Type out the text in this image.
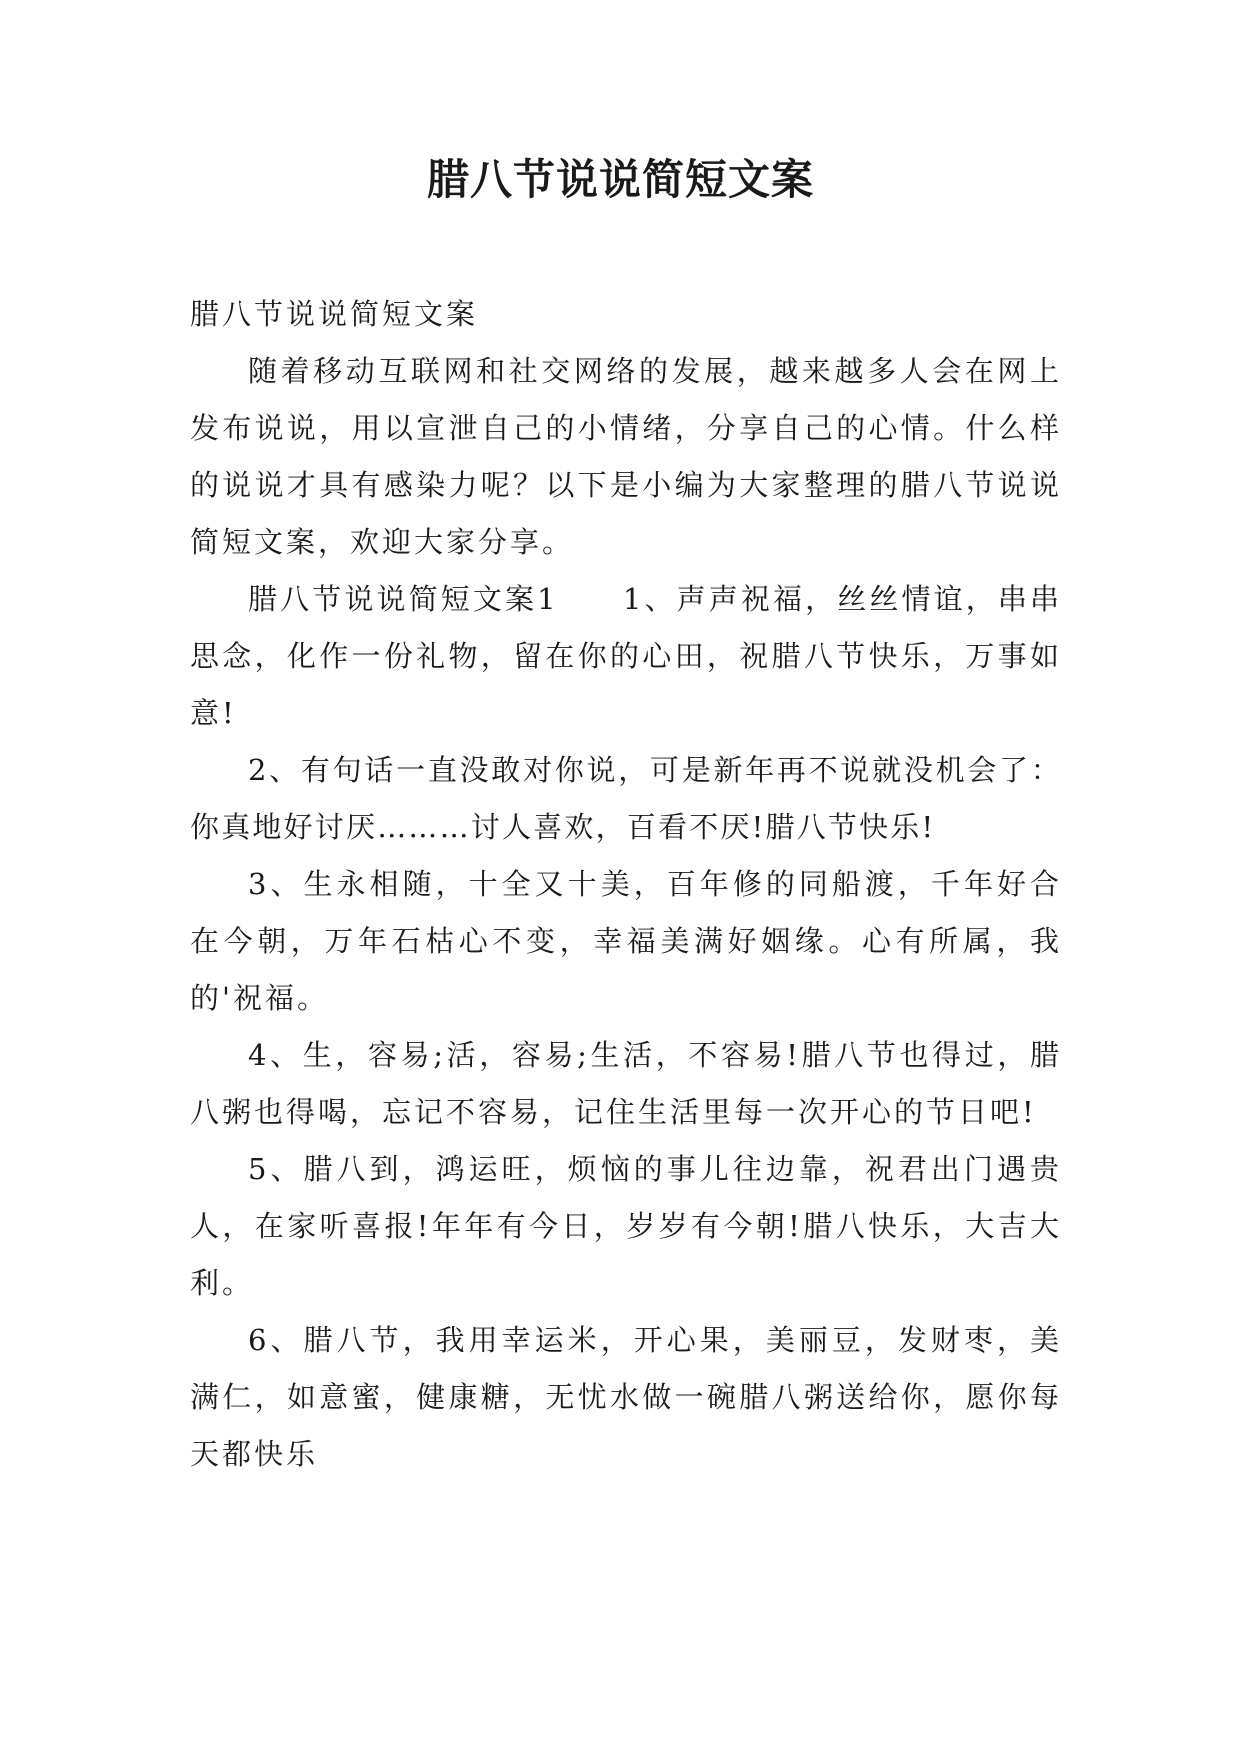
腊八节说说简短文案

腊八节说说简短文案

随着移动互联网和社交网络的发展，越来越多人会在网上发布说说，用以宣泄自己的小情绪，分享自己的心情。什么样的说说才具有感染力呢？以下是小编为大家整理的腊八节说说简短文案，欢迎大家分享。

腊八节说说简短文案1　　1、声声祝福，丝丝情谊，串串思念，化作一份礼物，留在你的心田，祝腊八节快乐，万事如意!

2、有句话一直没敢对你说，可是新年再不说就没机会了：你真地好讨厌………讨人喜欢，百看不厌!腊八节快乐!

3、生永相随，十全又十美，百年修的同船渡，千年好合在今朝，万年石枯心不变，幸福美满好姻缘。心有所属，我的'祝福。

4、生，容易;活，容易;生活，不容易!腊八节也得过，腊八粥也得喝，忘记不容易，记住生活里每一次开心的节日吧!

5、腊八到，鸿运旺，烦恼的事儿往边靠，祝君出门遇贵人，在家听喜报!年年有今日，岁岁有今朝!腊八快乐，大吉大利。

6、腊八节，我用幸运米，开心果，美丽豆，发财枣，美满仁，如意蜜，健康糖，无忧水做一碗腊八粥送给你，愿你每天都快乐
